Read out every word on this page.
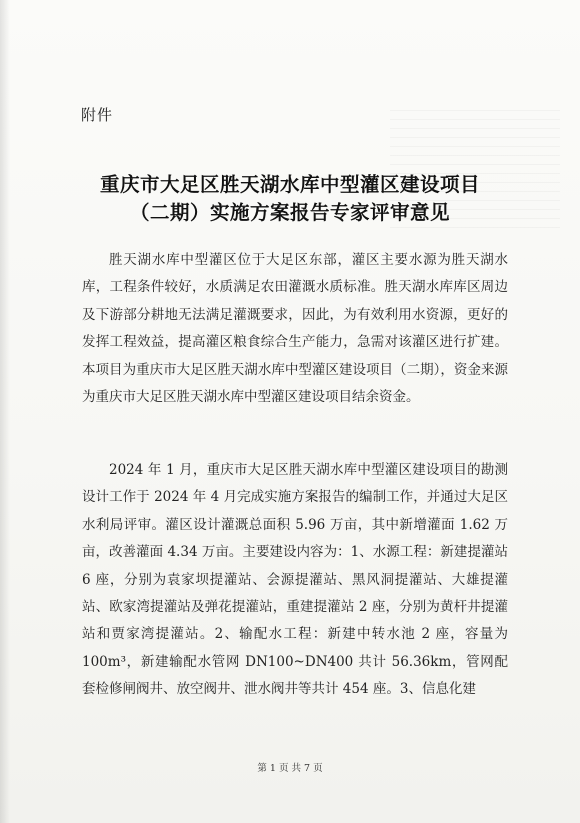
附件
重庆市大足区胜天湖水库中型灌区建设项目
（二期）实施方案报告专家评审意见

胜天湖水库中型灌区位于大足区东部，灌区主要水源为胜天湖水库，工程条件较好，水质满足农田灌溉水质标准。胜天湖水库库区周边及下游部分耕地无法满足灌溉要求，因此，为有效利用水资源，更好的发挥工程效益，提高灌区粮食综合生产能力，急需对该灌区进行扩建。本项目为重庆市大足区胜天湖水库中型灌区建设项目（二期），资金来源为重庆市大足区胜天湖水库中型灌区建设项目结余资金。

2024 年 1 月，重庆市大足区胜天湖水库中型灌区建设项目的勘测设计工作于 2024 年 4 月完成实施方案报告的编制工作，并通过大足区水利局评审。灌区设计灌溉总面积 5.96 万亩，其中新增灌面 1.62 万亩，改善灌面 4.34 万亩。主要建设内容为：1、水源工程：新建提灌站 6 座，分别为袁家坝提灌站、会源提灌站、黑风洞提灌站、大雄提灌站、欧家湾提灌站及弹花提灌站，重建提灌站 2 座，分别为黄杆井提灌站和贾家湾提灌站。2、输配水工程：新建中转水池 2 座，容量为 100m³，新建输配水管网 DN100~DN400 共计 56.36km，管网配套检修闸阀井、放空阀井、泄水阀井等共计 454 座。3、信息化建

第 1 页 共 7 页
